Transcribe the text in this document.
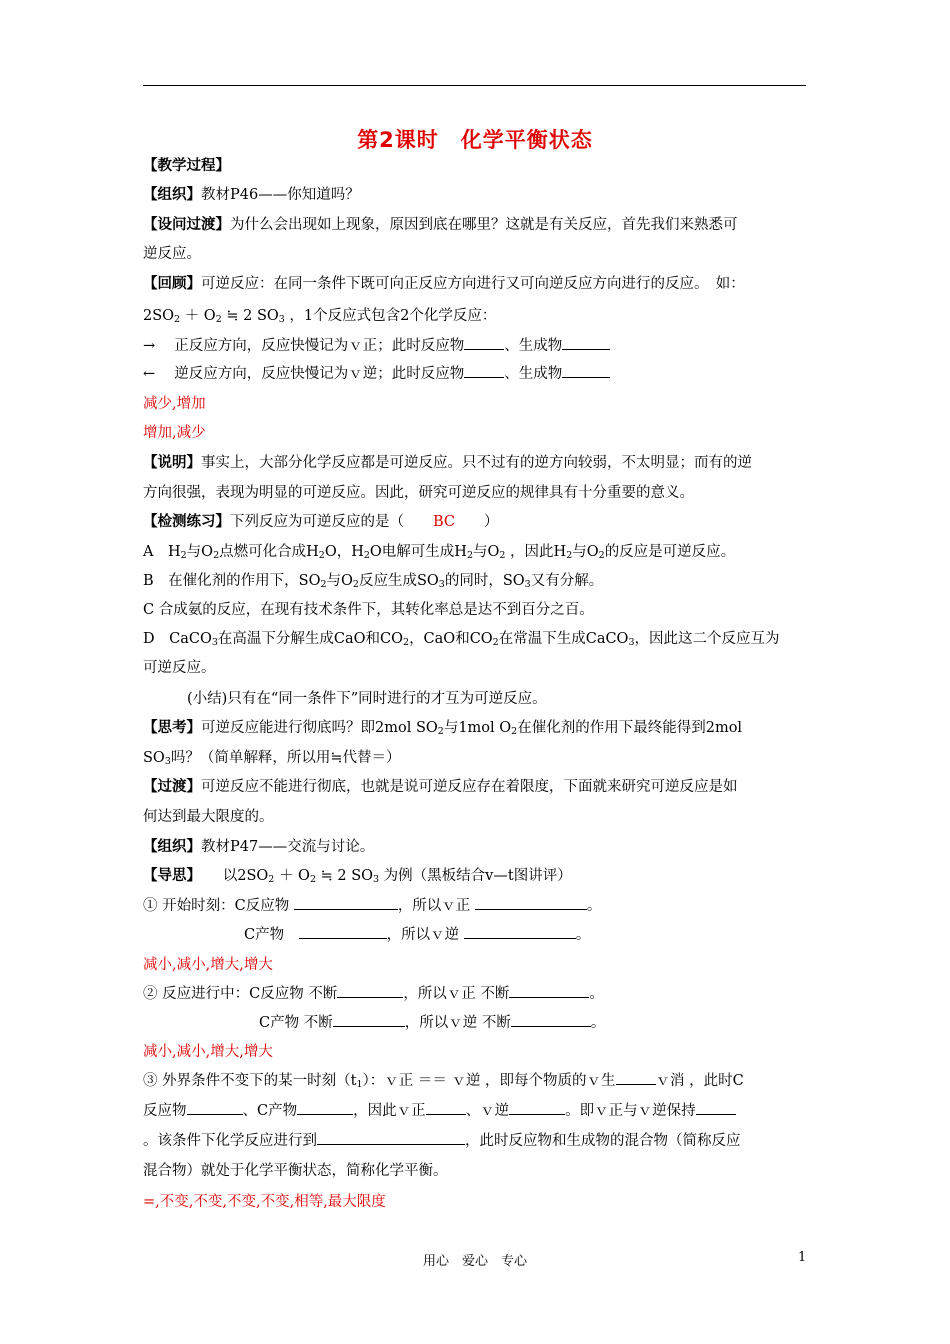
第2课时　化学平衡状态
【教学过程】
【组织】教材P46——你知道吗？
【设问过渡】为什么会出现如上现象，原因到底在哪里？这就是有关反应，首先我们来熟悉可
逆反应。
【回顾】可逆反应：在同一条件下既可向正反应方向进行又可向逆反应方向进行的反应。　如：
$2SO_2 + O_2$ ≒ 2 $SO_3$ ，1个反应式包含2个化学反应：
→　 正反应方向，反应快慢记为ｖ正；此时反应物	、生成物
←　 逆反应方向，反应快慢记为ｖ逆；此时反应物	、生成物
减少,增加
增加,减少
【说明】事实上，大部分化学反应都是可逆反应。只不过有的逆方向较弱，不太明显；而有的逆
方向很强，表现为明显的可逆反应。因此，研究可逆反应的规律具有十分重要的意义。
【检测练习】下列反应为可逆反应的是（　　BC　　）
A　$H_2$与$O_2$点燃可化合成$H_2O$，$H_2O$电解可生成$H_2$与$O_2$ ，因此$H_2$与$O_2$的反应是可逆反应。
B　在催化剂的作用下，$SO_2$与$O_2$反应生成$SO_3$的同时，$SO_3$又有分解。
C 合成氨的反应，在现有技术条件下，其转化率总是达不到百分之百。
D　CaCO$_3$在高温下分解生成CaO和$CO_2$，CaO和$CO_2$在常温下生成CaCO$_3$，因此这二个反应互为
可逆反应。
(小结)只有在“同一条件下”同时进行的才互为可逆反应。
【思考】可逆反应能进行彻底吗？即2mol $SO_2$与1mol $O_2$在催化剂的作用下最终能得到2mol
$SO_3$吗？（简单解释，所以用≒代替＝）
【过渡】可逆反应不能进行彻底，也就是说可逆反应存在着限度，下面就来研究可逆反应是如
何达到最大限度的。
【组织】教材P47——交流与讨论。
【导思】　　以$2SO_2 + O_2$ ≒ 2 $SO_3$ 为例（黑板结合v—t图讲评）
① 开始时刻：C反应物	，所以ｖ正	。
C产物　	，所以ｖ逆	。
减小,减小,增大,增大
② 反应进行中：C反应物 不断	，所以ｖ正 不断	。
C产物 不断	，所以ｖ逆 不断	。
减小,减小,增大,增大
③ 外界条件不变下的某一时刻$(t_1)$：ｖ正 ＝＝ ｖ逆 ，即每个物质的ｖ生	ｖ消 ，此时C
反应物	、C产物	，因此ｖ正	、ｖ逆	。即ｖ正与ｖ逆保持
。该条件下化学反应进行到	，此时反应物和生成物的混合物（简称反应
混合物）就处于化学平衡状态，简称化学平衡。
=,不变,不变,不变,不变,相等,最大限度
用心　爱心　专心	1
